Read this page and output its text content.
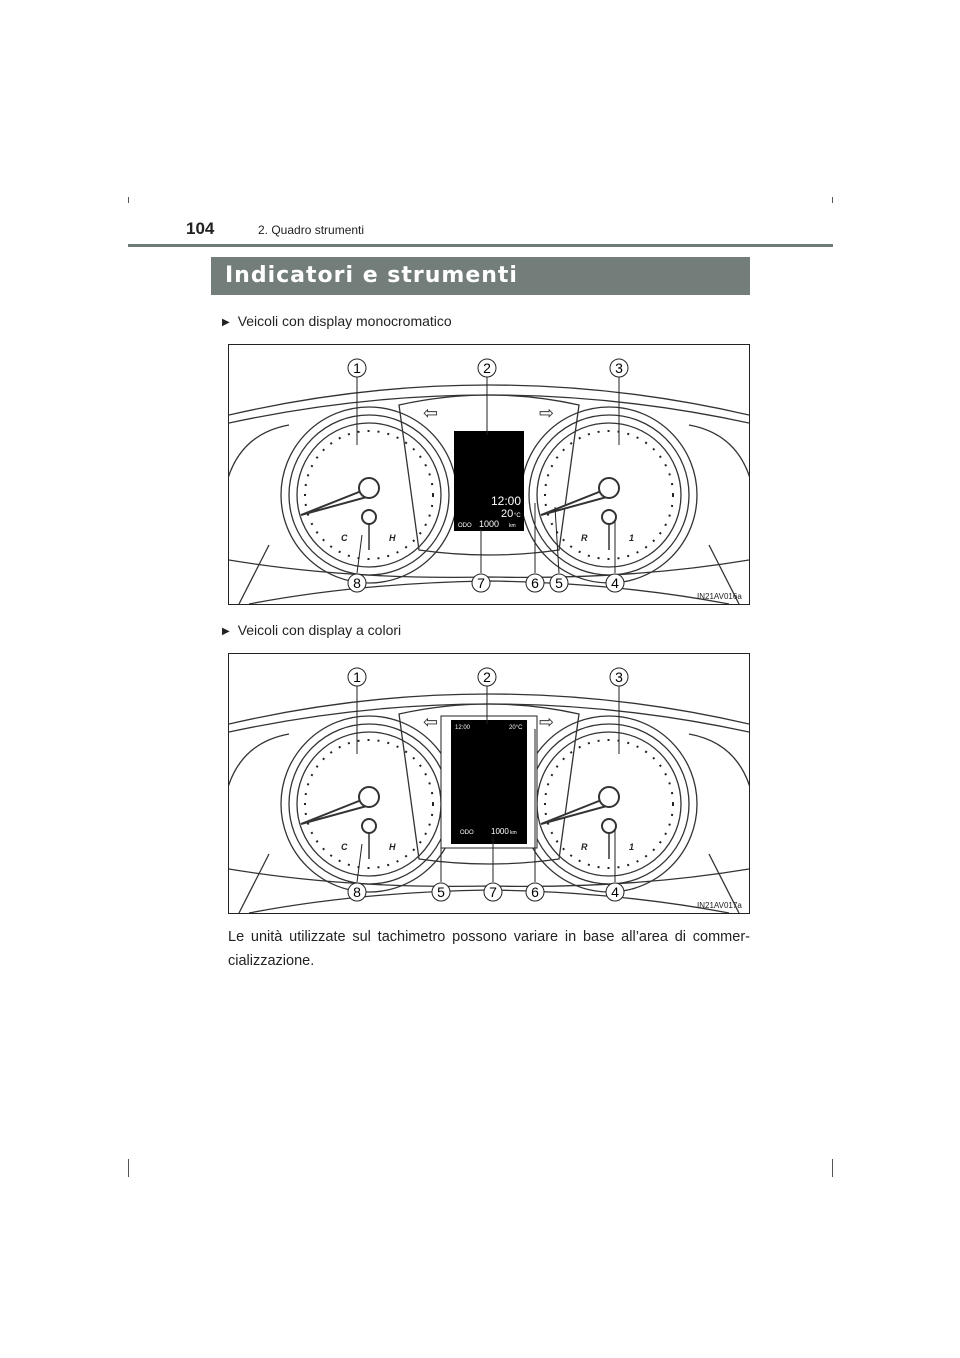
104	2. Quadro strumenti
Indicatori e strumenti
▶ Veicoli con display monocromatico
C	H	R	1
⇦	⇨
12:00
20 °C
ODO 1000 km
1	2	3
8	7	6 5	4
IN21AV016a
▶ Veicoli con display a colori
C	H	R	1
⇦	⇨
12:00	20°C
ODO 1000 km
1	2	3
8	5	7 6	4
IN21AV017a
Le unità utilizzate sul tachimetro possono variare in base all’area di commer-cializzazione.
